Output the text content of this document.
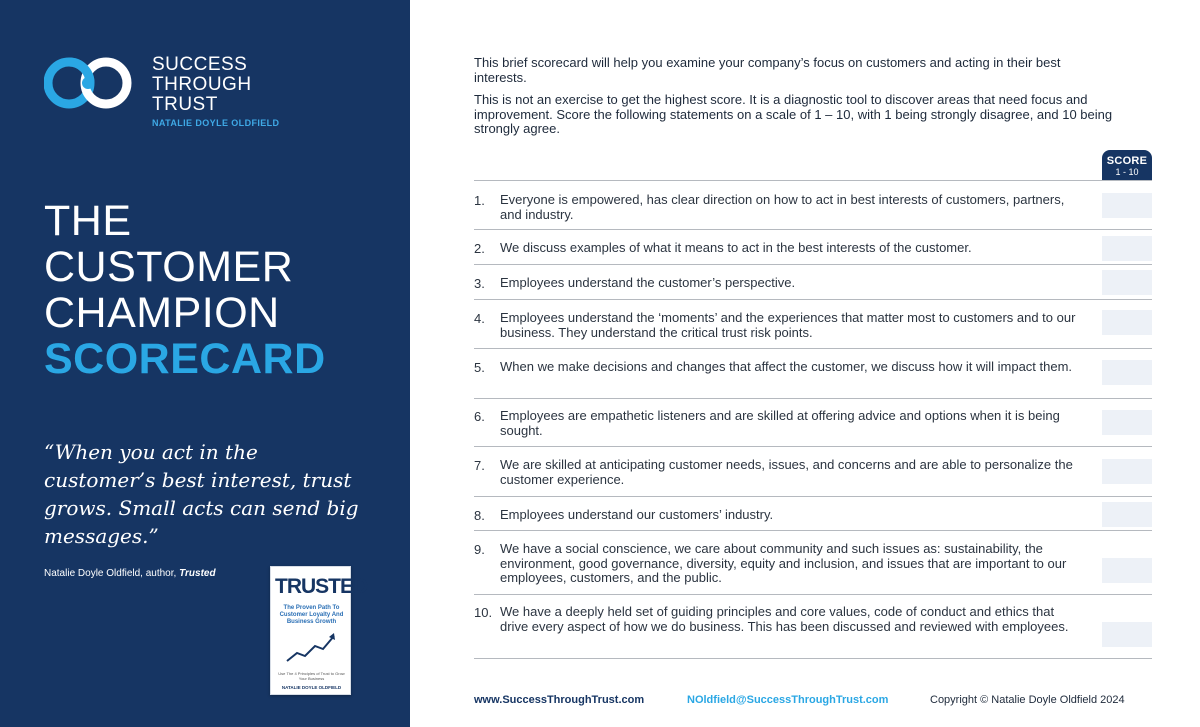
SUCCESS
THROUGH
TRUST
NATALIE DOYLE OLDFIELD
THE
CUSTOMER
CHAMPION
SCORECARD
“When you act in the customer’s best interest, trust grows. Small acts can send big messages.”
Natalie Doyle Oldfield, author, Trusted
TRUSTED
The Proven Path To Customer Loyalty And Business Growth
Use The 4 Principles of Trust to Grow Your Business
NATALIE DOYLE OLDFIELD

This brief scorecard will help you examine your company’s focus on customers and acting in their best interests.

This is not an exercise to get the highest score. It is a diagnostic tool to discover areas that need focus and improvement. Score the following statements on a scale of 1 – 10, with 1 being strongly disagree, and 10 being strongly agree.

SCORE
1 - 10
1. Everyone is empowered, has clear direction on how to act in best interests of customers, partners, and industry.
2. We discuss examples of what it means to act in the best interests of the customer.
3. Employees understand the customer’s perspective.
4. Employees understand the ‘moments’ and the experiences that matter most to customers and to our business. They understand the critical trust risk points.
5. When we make decisions and changes that affect the customer, we discuss how it will impact them.
6. Employees are empathetic listeners and are skilled at offering advice and options when it is being sought.
7. We are skilled at anticipating customer needs, issues, and concerns and are able to personalize the customer experience.
8. Employees understand our customers’ industry.
9. We have a social conscience, we care about community and such issues as: sustainability, the environment, good governance, diversity, equity and inclusion, and issues that are important to our employees, customers, and the public.
10. We have a deeply held set of guiding principles and core values, code of conduct and ethics that drive every aspect of how we do business. This has been discussed and reviewed with employees.
www.SuccessThroughTrust.com	NOldfield@SuccessThroughTrust.com	Copyright © Natalie Doyle Oldfield 2024
